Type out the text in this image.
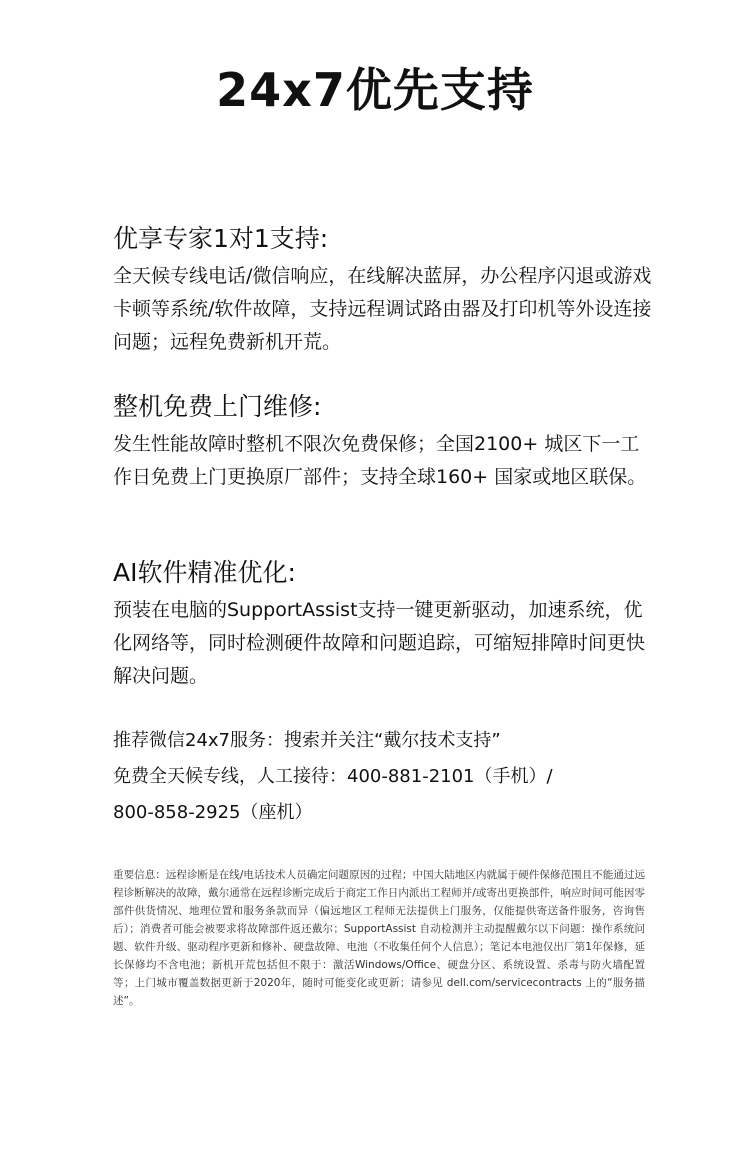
24x7优先支持
优享专家1对1支持:

全天候专线电话/微信响应，在线解决蓝屏，办公程序闪退或游戏卡顿等系统/软件故障，支持远程调试路由器及打印机等外设连接问题；远程免费新机开荒。

整机免费上门维修:

发生性能故障时整机不限次免费保修；全国2100+ 城区下一工作日免费上门更换原厂部件；支持全球160+ 国家或地区联保。

AI软件精准优化:

预装在电脑的SupportAssist支持一键更新驱动，加速系统，优化网络等，同时检测硬件故障和问题追踪，可缩短排障时间更快解决问题。

推荐微信24x7服务：搜索并关注“戴尔技术支持”

免费全天候专线，人工接待：400-881-2101（手机）/

800-858-2925（座机）

重要信息：远程诊断是在线/电话技术人员确定问题原因的过程；中国大陆地区内就属于硬件保修范围且不能通过远程诊断解决的故障，戴尔通常在远程诊断完成后于商定工作日内派出工程师并/或寄出更换部件，响应时间可能因零部件供货情况、地理位置和服务条款而异（偏远地区工程师无法提供上门服务，仅能提供寄送备件服务，咨询售后）；消费者可能会被要求将故障部件返还戴尔；SupportAssist 自动检测并主动提醒戴尔以下问题：操作系统问题、软件升级、驱动程序更新和修补、硬盘故障、电池（不收集任何个人信息）；笔记本电池仅出厂第1年保修，延长保修均不含电池；新机开荒包括但不限于：激活Windows/Office、硬盘分区、系统设置、杀毒与防火墙配置等；上门城市覆盖数据更新于2020年，随时可能变化或更新；请参见 dell.com/servicecontracts 上的“服务描述”。
